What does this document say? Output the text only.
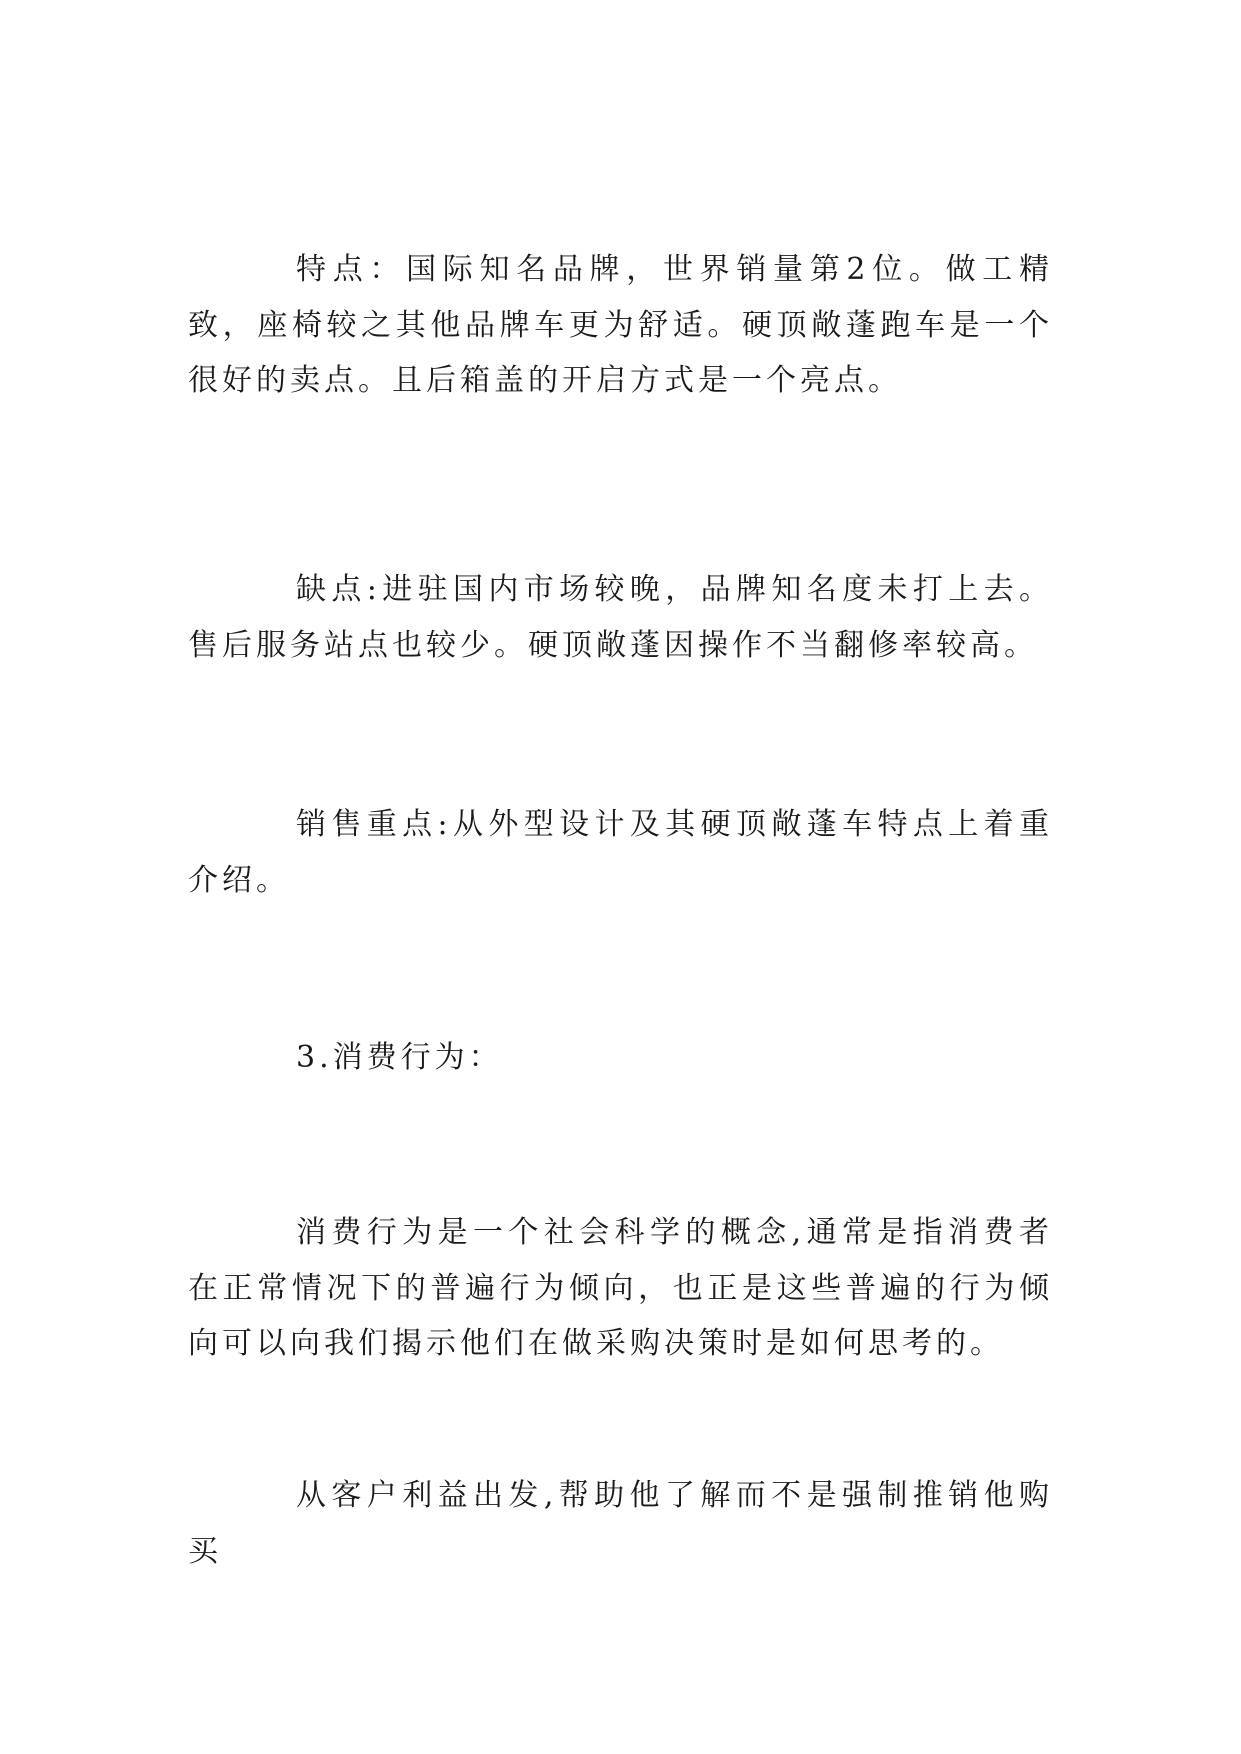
特点：国际知名品牌，世界销量第2位。做工精致，座椅较之其他品牌车更为舒适。硬顶敞蓬跑车是一个很好的卖点。且后箱盖的开启方式是一个亮点。

缺点:进驻国内市场较晚，品牌知名度未打上去。售后服务站点也较少。硬顶敞蓬因操作不当翻修率较高。

销售重点:从外型设计及其硬顶敞蓬车特点上着重介绍。

3.消费行为：

消费行为是一个社会科学的概念,通常是指消费者在正常情况下的普遍行为倾向，也正是这些普遍的行为倾向可以向我们揭示他们在做采购决策时是如何思考的。

从客户利益出发,帮助他了解而不是强制推销他购买
